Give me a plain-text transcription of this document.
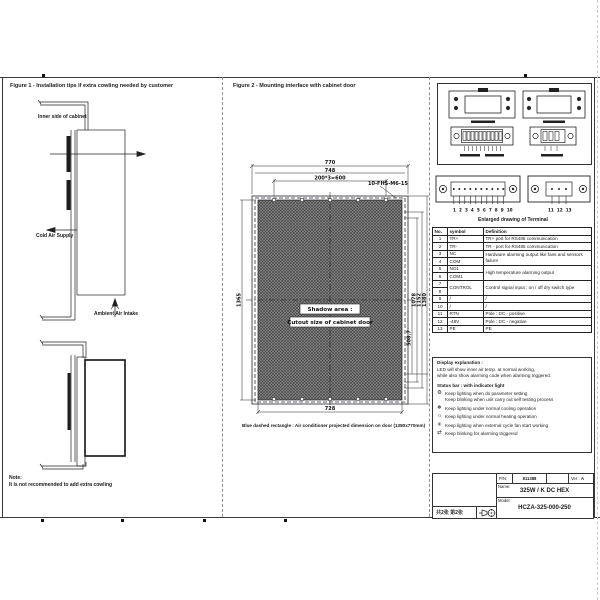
Figure 1 - Installation tips if extra cowling needed by customer
Inner side of cabinet
Cold Air Supply
Ambient Air Intake
Note:
It is not recommended to add extra cowling
Figure 2 - Mounting interface with cabinet door
770
748
200*3=600
10-FHS-M6-15
728
508.7
1078 1152 1380
1365
Shadow area :
Cutout size of cabinet door
Blue dashed rectangle : Air conditioner projected dimension on door (1380x770mm)
1 2 3 4 5 6 7 8 9 10	11 12 13
Enlarged drawing of Terminal
No.	symbol	Definition
1	TR+	TR+ port for RS485 communication
2	TR-	TR - port for RS485 communication
3	NC	Hardware alarming output like fans and sensors failure
4	COM	
5	NO1	High temperature alarming output
6	COM1	
7	CONTROL	Control signal input : on / off dry switch type
8		
9	/	/
10	/	/
11	RTN	Pole : DC - positive
12	-48V	Pole : DC - negative
13	PE	PE
Display explanation :
LED will show inner air temp. at normal working,
while also show alarming code when alarming triggered.
Status bar : with indicator light
⚙ Keep lighting when do parameter setting
Keep blinking when unit carry out self testing process
❅ Keep lighting under normal cooling operation
☼ Keep lighting under normal heating operation
✳ Keep lighting when external cycle fan start working
⇄ Keep blinking for alarming triggered
P/N:	811388	Ver : A
Name:
325W / K DC HEX
Model:
HCZA-325-000-250
共2张 第2张
